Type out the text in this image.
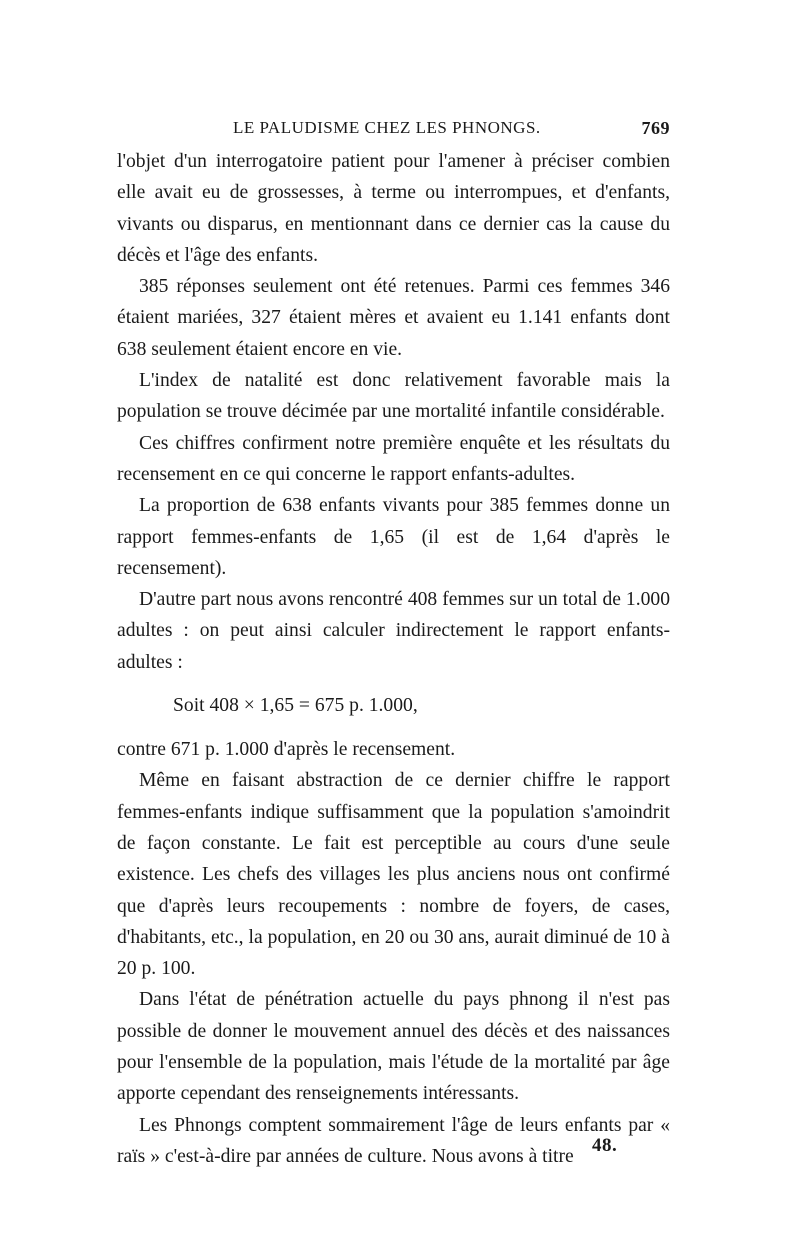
LE PALUDISME CHEZ LES PHNONGS.	769

l'objet d'un interrogatoire patient pour l'amener à préciser combien elle avait eu de grossesses, à terme ou interrompues, et d'enfants, vivants ou disparus, en mentionnant dans ce dernier cas la cause du décès et l'âge des enfants.

385 réponses seulement ont été retenues. Parmi ces femmes 346 étaient mariées, 327 étaient mères et avaient eu 1.141 enfants dont 638 seulement étaient encore en vie.

L'index de natalité est donc relativement favorable mais la population se trouve décimée par une mortalité infantile considérable.

Ces chiffres confirment notre première enquête et les résultats du recensement en ce qui concerne le rapport enfants-adultes.

La proportion de 638 enfants vivants pour 385 femmes donne un rapport femmes-enfants de 1,65 (il est de 1,64 d'après le recensement).

D'autre part nous avons rencontré 408 femmes sur un total de 1.000 adultes : on peut ainsi calculer indirectement le rapport enfants-adultes :

Soit 408 × 1,65 = 675 p. 1.000,

contre 671 p. 1.000 d'après le recensement.

Même en faisant abstraction de ce dernier chiffre le rapport femmes-enfants indique suffisamment que la population s'amoindrit de façon constante. Le fait est perceptible au cours d'une seule existence. Les chefs des villages les plus anciens nous ont confirmé que d'après leurs recoupements : nombre de foyers, de cases, d'habitants, etc., la population, en 20 ou 30 ans, aurait diminué de 10 à 20 p. 100.

Dans l'état de pénétration actuelle du pays phnong il n'est pas possible de donner le mouvement annuel des décès et des naissances pour l'ensemble de la population, mais l'étude de la mortalité par âge apporte cependant des renseignements intéressants.

Les Phnongs comptent sommairement l'âge de leurs enfants par « raïs » c'est-à-dire par années de culture. Nous avons à titre

48.
